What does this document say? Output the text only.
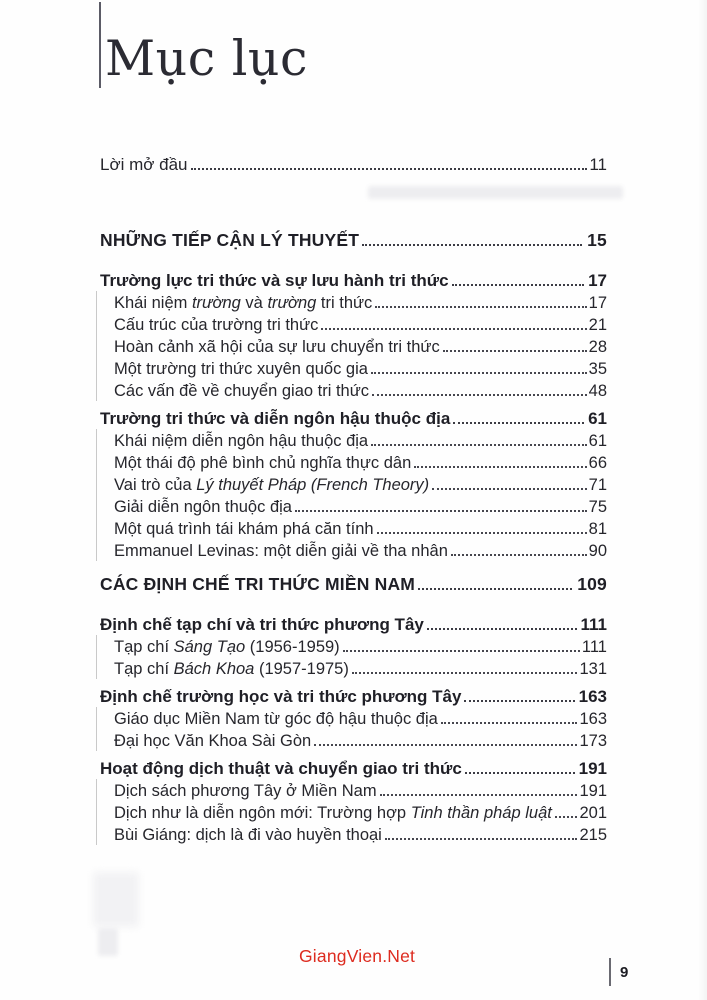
Mục lục
Lời mở đầu	11
NHỮNG TIẾP CẬN LÝ THUYẾT	15
Trường lực tri thức và sự lưu hành tri thức	17
Khái niệm trường và trường tri thức	17
Cấu trúc của trường tri thức	21
Hoàn cảnh xã hội của sự lưu chuyển tri thức	28
Một trường tri thức xuyên quốc gia	35
Các vấn đề về chuyển giao tri thức	48
Trường tri thức và diễn ngôn hậu thuộc địa	61
Khái niệm diễn ngôn hậu thuộc địa	61
Một thái độ phê bình chủ nghĩa thực dân	66
Vai trò của Lý thuyết Pháp (French Theory)	71
Giải diễn ngôn thuộc địa	75
Một quá trình tái khám phá căn tính	81
Emmanuel Levinas: một diễn giải về tha nhân	90
CÁC ĐỊNH CHẾ TRI THỨC MIỀN NAM	109
Định chế tạp chí và tri thức phương Tây	111
Tạp chí Sáng Tạo (1956-1959)	111
Tạp chí Bách Khoa (1957-1975)	131
Định chế trường học và tri thức phương Tây	163
Giáo dục Miền Nam từ góc độ hậu thuộc địa	163
Đại học Văn Khoa Sài Gòn	173
Hoạt động dịch thuật và chuyển giao tri thức	191
Dịch sách phương Tây ở Miền Nam	191
Dịch như là diễn ngôn mới: Trường hợp Tinh thần pháp luật 201
Bùi Giáng: dịch là đi vào huyền thoại	215
GiangVien.Net
9
